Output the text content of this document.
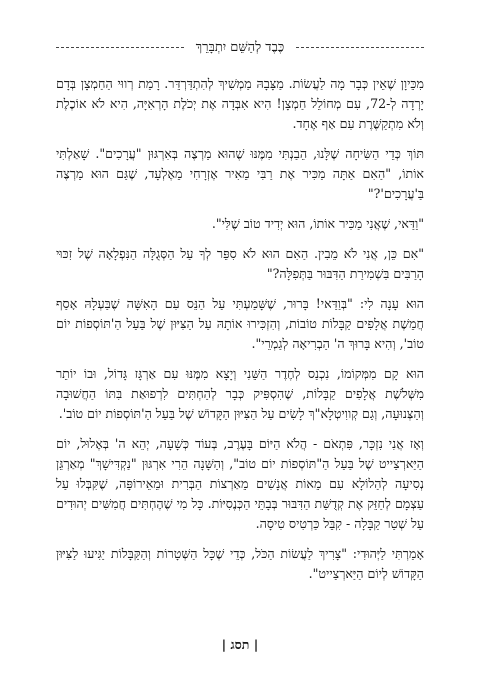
כֶּבֶד לְהַשֵּׁם יִתְבָּרֵךְ

מִכֵּיוָן שֶׁאֵין כְּבָר מָה לַעֲשׂוֹת. מַצָּבָהּ מַמְשִׁיךְ לְהִתְדַּרְדֵּר. רָמַת רְווּי הַחַמְצָן בְּדָם יָרְדָה לְ-72, עִם מְחוֹלֵל חַמְצָן! הִיא אִבְּדָה אֶת יְכֹלֶת הָרְאִיָּה, הִיא לֹא אוֹכֶלֶת וְלֹא מִתְקַשֶּׁרֶת עִם אַף אֶחָד.

תּוֹךְ כְּדֵי הַשִּׂיחָה שֶׁלָּנוּ, הֵבַנְתִּי מִמֶּנּוּ שֶׁהוּא מַרְצֶה בְּאִרְגּוּן "עֲרָכִים". שָׁאַלְתִּי אוֹתוֹ, "הַאִם אַתָּה מַכִּיר אֶת רַבִּי מֵאִיר אֶזְרָחִי מֵאֶלְעָד, שֶׁגַּם הוּא מַרְצֶה בַּ'עֲרָכִים'?"

"וַדַּאי, שֶׁאֲנִי מַכִּיר אוֹתוֹ, הוּא יְדִיד טוֹב שֶׁלִּי".

"אִם כֵּן, אֲנִי לֹא מֵבִין. הַאִם הוּא לֹא סִפֵּר לְךָ עַל הַסְּגֻלָּה הַנִּפְלָאָה שֶׁל זִכּוּי הָרַבִּים בִּשְׁמִירַת הַדִּבּוּר בַּתְּפִלָּה?"

הוּא עָנָה לִי: "בְּוַדַּאי! בָּרוּר, שֶׁשָּׁמַעְתִּי עַל הַנֵּס עִם הָאִשָּׁה שֶׁבַּעְלָהּ אָסַף חֲמֵשֶׁת אֲלָפִים קַבָּלוֹת טוֹבוֹת, וְהִזְכִּירוּ אוֹתָהּ עַל הַצִּיּוּן שֶׁל בַּעַל הַ'תּוֹסְפוֹת יוֹם טוֹב', וְהִיא בָּרוּךְ ה' הַבְרִיאָה לְגַמְרֵי".

הוּא קָם מִמְּקוֹמוֹ, נִכְנַס לְחֶדֶר הַשֵּׁנִי וְיָצָא מִמֶּנּוּ עִם אַרְגָּז גָּדוֹל, וּבוֹ יוֹתֵר מִשְּׁלֹשֶׁת אֲלָפִים קַבָּלוֹת, שֶׁהִסְפִּיק כְּבָר לְהַחְתִּים לִרְפוּאַת בִּתּוֹ הַחֲשׁוּבָה וְהַצְּנוּעָה, וְגַם קְווִיטְלָא"ךְ לָשִׂים עַל הַצִּיּוּן הַקָּדוֹשׁ שֶׁל בַּעַל הַ'תּוֹסְפוֹת יוֹם טוֹב'.

וְאָז אֲנִי נִזְכָּר, פִּתְאֹם - הֲלֹא הַיּוֹם בָּעֶרֶב, בְּעוֹד כְּשָׁעָה, יְהֵא ה' בְּאֶלוּל, יוֹם הַיַּארְצַייט שֶׁל בַּעַל הַ"תּוֹסְפוֹת יוֹם טוֹב", וְהַשָּׁנָה הֵרִי אִרְגּוּן "נַקְדִּישָׁךְ" מְאַרְגֵּן נְסִיעָה לְהַלוֹלָא עִם מֵאוֹת אֲנָשִׁים מֵאַרְצוֹת הַבְּרִית וּמֵאֵירוֹפָּה, שֶׁקִּבְּלוּ עַל עַצְמָם לְחַזֵּק אֶת קְדֻשַּׁת הַדִּבּוּר בְּבָתֵּי הַכְּנֶסִיּוֹת. כָּל מִי שֶׁהֶחְתִּים חֲמִשִּׁים יְהוּדִים עַל שְׁטַר קַבָּלָה - קִבֵּל כַּרְטִיס טִיסָה.

אָמַרְתִּי לַיְּהוּדִי: "צָרִיךְ לַעֲשׂוֹת הַכֹּל, כְּדֵי שֶׁכָּל הַשְּׁטָרוֹת וְהַקַּבָּלוֹת יַגִּיעוּ לַצִּיּוּן הַקָּדוֹשׁ לְיוֹם הַיַּארְצַייט".

| תסג |
